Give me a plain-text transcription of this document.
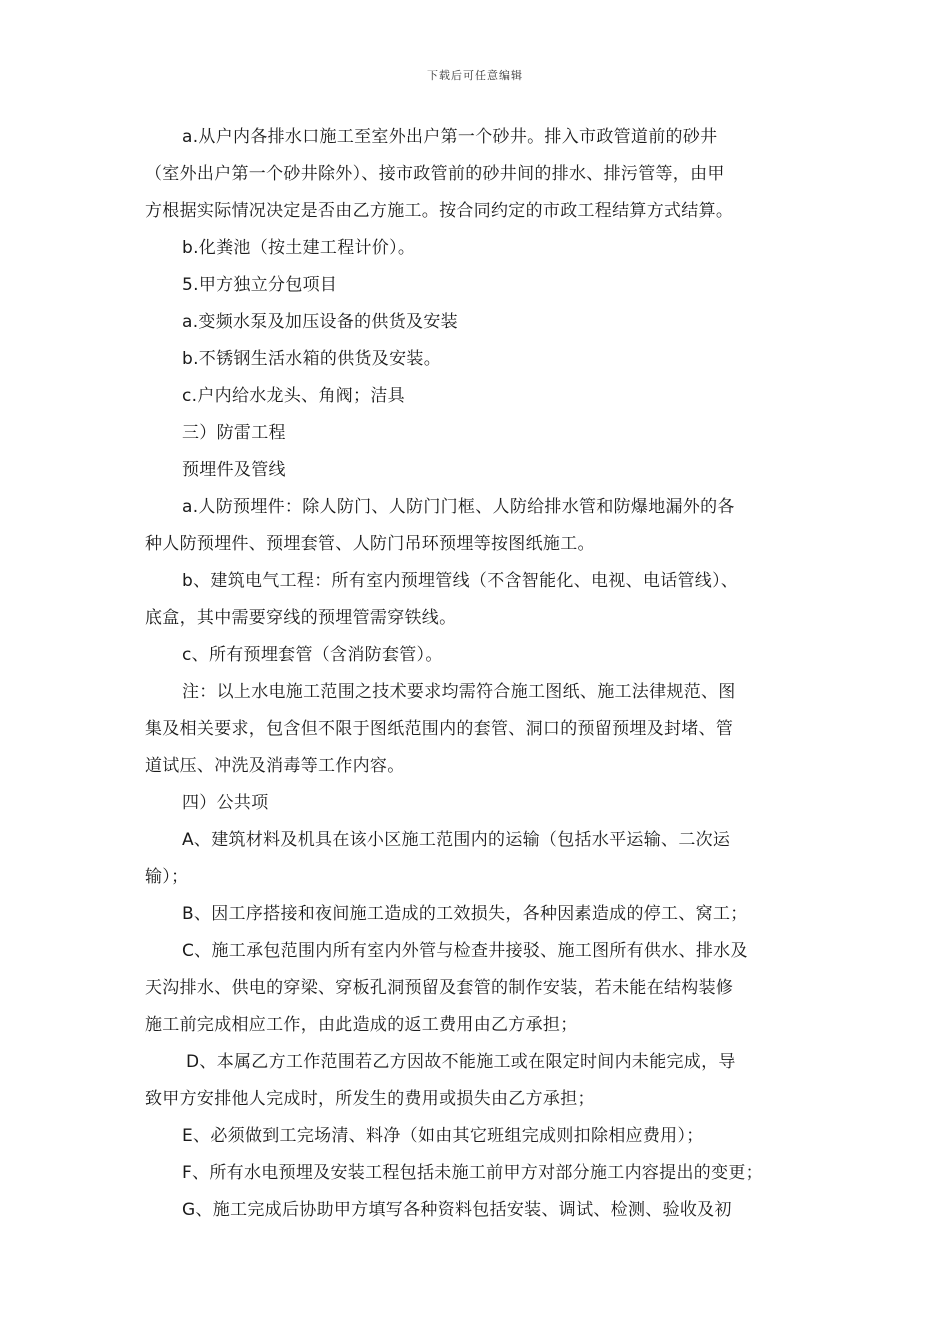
下载后可任意编辑
a.从户内各排水口施工至室外出户第一个砂井。排入市政管道前的砂井
（室外出户第一个砂井除外）、接市政管前的砂井间的排水、排污管等，由甲
方根据实际情况决定是否由乙方施工。按合同约定的市政工程结算方式结算。
b.化粪池（按土建工程计价）。
5.甲方独立分包项目
a.变频水泵及加压设备的供货及安装
b.不锈钢生活水箱的供货及安装。
c.户内给水龙头、角阀；洁具
三）防雷工程
预埋件及管线
a.人防预埋件：除人防门、人防门门框、人防给排水管和防爆地漏外的各
种人防预埋件、预埋套管、人防门吊环预埋等按图纸施工。
b、建筑电气工程：所有室内预埋管线（不含智能化、电视、电话管线）、
底盒，其中需要穿线的预埋管需穿铁线。
c、所有预埋套管（含消防套管）。
注：以上水电施工范围之技术要求均需符合施工图纸、施工法律规范、图
集及相关要求，包含但不限于图纸范围内的套管、洞口的预留预埋及封堵、管
道试压、冲洗及消毒等工作内容。
四）公共项
A、建筑材料及机具在该小区施工范围内的运输（包括水平运输、二次运
输）；
B、因工序搭接和夜间施工造成的工效损失，各种因素造成的停工、窝工；
C、施工承包范围内所有室内外管与检查井接驳、施工图所有供水、排水及
天沟排水、供电的穿梁、穿板孔洞预留及套管的制作安装，若未能在结构装修
施工前完成相应工作，由此造成的返工费用由乙方承担；
D、本属乙方工作范围若乙方因故不能施工或在限定时间内未能完成，导
致甲方安排他人完成时，所发生的费用或损失由乙方承担；
E、必须做到工完场清、料净（如由其它班组完成则扣除相应费用）；
F、所有水电预埋及安装工程包括未施工前甲方对部分施工内容提出的变更；
G、施工完成后协助甲方填写各种资料包括安装、调试、检测、验收及初
